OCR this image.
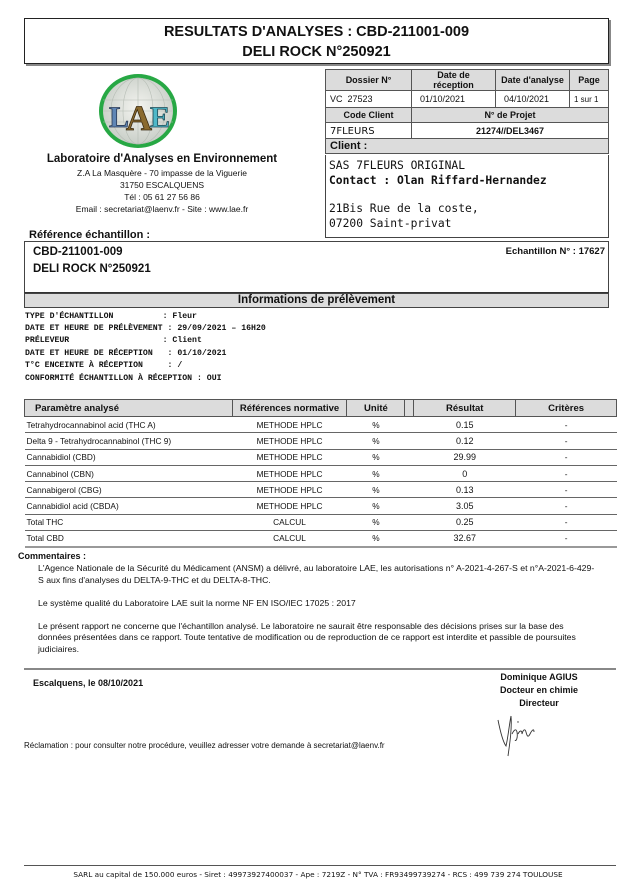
RESULTATS D'ANALYSES : CBD-211001-009
DELI ROCK N°250921
L
A
E
Laboratoire d'Analyses en Environnement
Z.A La Masquère - 70 impasse de la Viguerie
31750 ESCALQUENS
Tél : 05 61 27 56 86
Email : secretariat@laenv.fr - Site : www.lae.fr
Dossier N°	Date de réception	Date d'analyse	Page
VC  27523	01/10/2021	04/10/2021	1 sur 1
Code Client	N° de Projet		
7FLEURS	21274//DEL3467		
Client :
SAS 7FLEURS ORIGINAL
Contact : Olan Riffard-Hernandez
21Bis Rue de la coste,
07200 Saint-privat
Référence échantillon :
CBD-211001-009
DELI ROCK N°250921
Echantillon N° : 17627
Informations de prélèvement
TYPE D'ÉCHANTILLON          : Fleur
DATE ET HEURE DE PRÉLÈVEMENT : 29/09/2021 – 16H20
PRÉLEVEUR                   : Client
DATE ET HEURE DE RÉCEPTION   : 01/10/2021
T°C ENCEINTE À RÉCEPTION     : /
CONFORMITÉ ÉCHANTILLON À RÉCEPTION : OUI
Paramètre analysé	Références normative	Unité		Résultat	Critères
Tetrahydrocannabinol acid (THC A)	METHODE HPLC	%		0.15	-
Delta 9 - Tetrahydrocannabinol (THC 9)	METHODE HPLC	%		0.12	-
Cannabidiol (CBD)	METHODE HPLC	%		29.99	-
Cannabinol (CBN)	METHODE HPLC	%		0	-
Cannabigerol (CBG)	METHODE HPLC	%		0.13	-
Cannabidiol acid (CBDA)	METHODE HPLC	%		3.05	-
Total THC	CALCUL	%		0.25	-
Total CBD	CALCUL	%		32.67	-
Commentaires :

L'Agence Nationale de la Sécurité du Médicament (ANSM) a délivré, au laboratoire LAE, les autorisations n° A-2021-4-267-S et n°A-2021-6-429-S aux fins d'analyses du DELTA-9-THC et du DELTA-8-THC.

Le système qualité du Laboratoire LAE suit la norme NF EN ISO/IEC 17025 : 2017

Le présent rapport ne concerne que l'échantillon analysé. Le laboratoire ne saurait être responsable des décisions prises sur la base des données présentées dans ce rapport. Toute tentative de modification ou de reproduction de ce rapport est interdite et passible de poursuites judiciaires.

Escalquens, le 08/10/2021
Dominique AGIUS
Docteur en chimie
Directeur
Réclamation : pour consulter notre procédure, veuillez adresser votre demande à secretariat@laenv.fr
SARL au capital de 150.000 euros - Siret : 49973927400037 - Ape : 7219Z - N° TVA : FR93499739274 - RCS : 499 739 274 TOULOUSE
